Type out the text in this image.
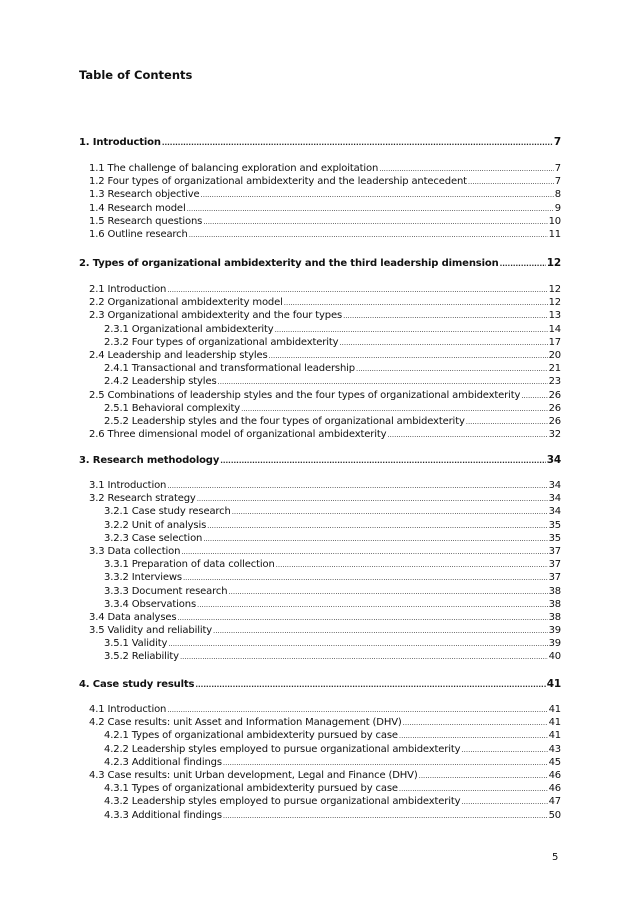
Table of Contents
1. Introduction .....	7
1.1 The challenge of balancing exploration and exploitation .....	7
1.2 Four types of organizational ambidexterity and the leadership antecedent .....	7
1.3 Research objective .....	8
1.4 Research model .....	9
1.5 Research questions .....	10
1.6 Outline research .....	11
2. Types of organizational ambidexterity and the third leadership dimension .....	12
2.1 Introduction .....	12
2.2 Organizational ambidexterity model .....	12
2.3 Organizational ambidexterity and the four types .....	13
2.3.1 Organizational ambidexterity .....	14
2.3.2 Four types of organizational ambidexterity .....	17
2.4 Leadership and leadership styles .....	20
2.4.1 Transactional and transformational leadership .....	21
2.4.2 Leadership styles .....	23
2.5 Combinations of leadership styles and the four types of organizational ambidexterity .....	26
2.5.1 Behavioral complexity .....	26
2.5.2 Leadership styles and the four types of organizational ambidexterity .....	26
2.6 Three dimensional model of organizational ambidexterity .....	32
3. Research methodology .....	34
3.1 Introduction .....	34
3.2 Research strategy .....	34
3.2.1 Case study research .....	34
3.2.2 Unit of analysis .....	35
3.2.3 Case selection .....	35
3.3 Data collection .....	37
3.3.1 Preparation of data collection .....	37
3.3.2 Interviews .....	37
3.3.3 Document research .....	38
3.3.4 Observations .....	38
3.4 Data analyses .....	38
3.5 Validity and reliability .....	39
3.5.1 Validity .....	39
3.5.2 Reliability .....	40
4. Case study results .....	41
4.1 Introduction .....	41
4.2 Case results: unit Asset and Information Management (DHV) .....	41
4.2.1 Types of organizational ambidexterity pursued by case .....	41
4.2.2 Leadership styles employed to pursue organizational ambidexterity .....	43
4.2.3 Additional findings .....	45
4.3 Case results: unit Urban development, Legal and Finance (DHV) .....	46
4.3.1 Types of organizational ambidexterity pursued by case .....	46
4.3.2 Leadership styles employed to pursue organizational ambidexterity .....	47
4.3.3 Additional findings .....	50
5
